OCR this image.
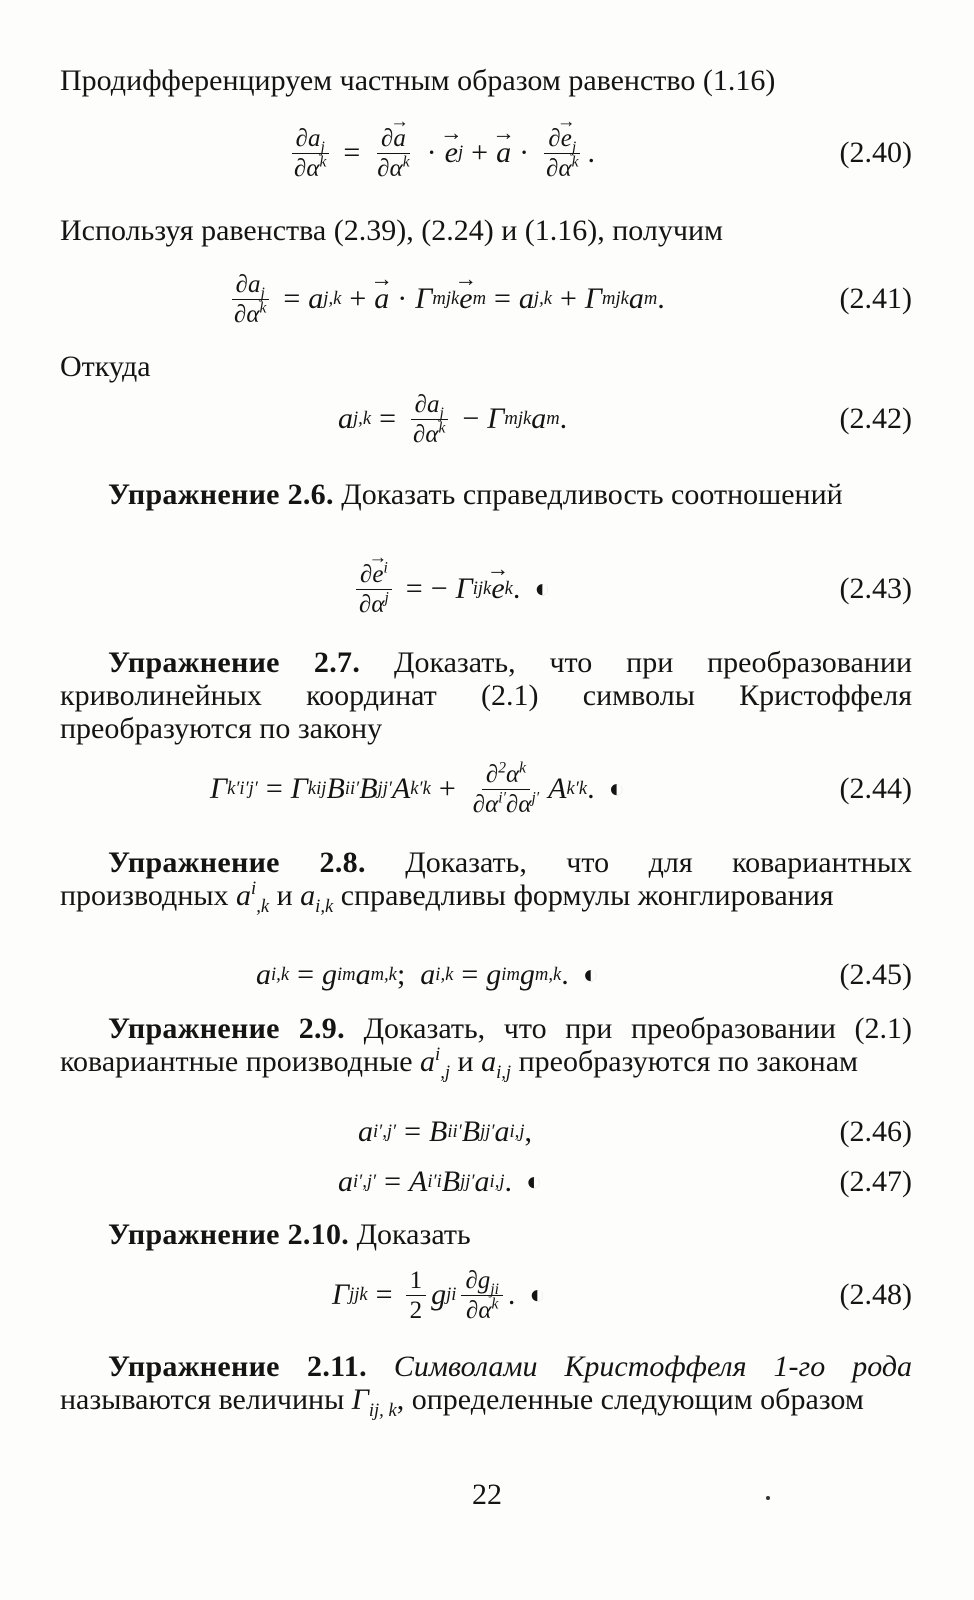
Продифференцируем частным образом равенство (1.16)
$\frac{\partial a_j}{\partial\alpha^k} = \frac{\partial\to a}{\partial\alpha^k}$ · → e j + → $a \cdot \frac{\partial\to e_j}{\partial\alpha^k}$ .	(2.40)
Используя равенства (2.39), (2.24) и (1.16), получим
$\frac{\partial a_j}{\partial\alpha^k} = a$ j,k + → a · Γ m jk → e m = a j,k + Γ m jk a m .	(2.41)
Откуда
a $j,k = \frac{\partial a_j}{\partial\alpha^k} - \Gamma$ m jk a m .	(2.42)
Упражнение 2.6. Доказать справедливость соотношений
$\frac{\partial\to e^i}{\partial\alpha^j}$ = − Γ i jk → e k . ◐	(2.43)
Упражнение 2.7. Доказать, что при преобразовании криволинейных координат (2.1) символы Кристоффеля преобразуются по закону
Γ k′ i′j′ = Γ k ij B i i′ B j j′ A k′ $k + \frac{\partial^2\alpha^k}{\partial\alpha^{i'}\partial\alpha^{j'}}$ A k′ k . ◐	(2.44)
Упражнение 2.8. Доказать, что для ковариантных производных $a^i_{,k}$ и $a_{i,k}$ справедливы формулы жонглирования
a i ,k = g im a m,k ; a i,k = g im g m ,k . ◐	(2.45)
Упражнение 2.9. Доказать, что при преобразовании (2.1) ковариантные производные $a^i_{,j}$ и $a_{i,j}$ преобразуются по законам
a i′,j′ = B i i′ B j j′ a i,j ,	(2.46)
a i′ ,j′ = A i′ i B j j′ a i ,j . ◐	(2.47)
Упражнение 2.10. Доказать
Γ j jk = $\frac{1}{2}$ g ji $\frac{\partial g_{ji}}{\partial\alpha^k}$ . ◐	(2.48)
Упражнение 2.11. Символами Кристоффеля 1-го рода называются величины $\Gamma_{ij, k}$, определенные следующим образом
22
